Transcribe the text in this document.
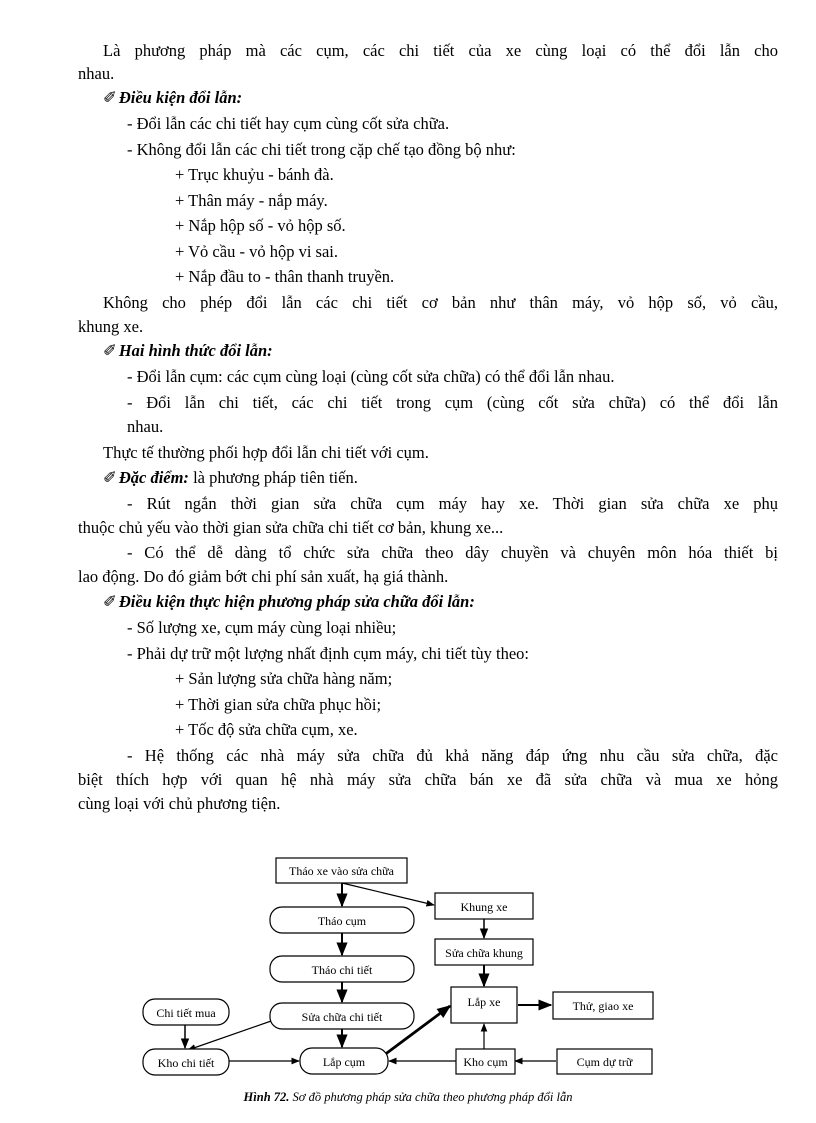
Là phương pháp mà các cụm, các chi tiết của xe cùng loại có thể đổi lẫn cho
nhau.
✐ Điều kiện đổi lẫn:
- Đổi lẫn các chi tiết hay cụm cùng cốt sửa chữa.
- Không đổi lẫn các chi tiết trong cặp chế tạo đồng bộ như:
+ Trục khuỷu - bánh đà.
+ Thân máy - nắp máy.
+ Nắp hộp số - vỏ hộp số.
+ Vỏ cầu - vỏ hộp vi sai.
+ Nắp đầu to - thân thanh truyền.
Không cho phép đổi lẫn các chi tiết cơ bản như thân máy, vỏ hộp số, vỏ cầu,
khung xe.
✐ Hai hình thức đổi lẫn:
- Đổi lẫn cụm: các cụm cùng loại (cùng cốt sửa chữa) có thể đổi lẫn nhau.
- Đổi lẫn chi tiết, các chi tiết trong cụm (cùng cốt sửa chữa) có thể đổi lẫn
nhau.
Thực tế thường phối hợp đổi lẫn chi tiết với cụm.
✐ Đặc điểm: là phương pháp tiên tiến.
- Rút ngắn thời gian sửa chữa cụm máy hay xe. Thời gian sửa chữa xe phụ
thuộc chủ yếu vào thời gian sửa chữa chi tiết cơ bản, khung xe...
- Có thể dễ dàng tổ chức sửa chữa theo dây chuyền và chuyên môn hóa thiết bị
lao động. Do đó giảm bớt chi phí sản xuất, hạ giá thành.
✐ Điều kiện thực hiện phương pháp sửa chữa đổi lẫn:
- Số lượng xe, cụm máy cùng loại nhiều;
- Phải dự trữ một lượng nhất định cụm máy, chi tiết tùy theo:
+ Sản lượng sửa chữa hàng năm;
+ Thời gian sửa chữa phục hồi;
+ Tốc độ sửa chữa cụm, xe.
- Hệ thống các nhà máy sửa chữa đủ khả năng đáp ứng nhu cầu sửa chữa, đặc
biệt thích hợp với quan hệ nhà máy sửa chữa bán xe đã sửa chữa và mua xe hỏng
cùng loại với chủ phương tiện.
Tháo xe vào sửa chữa
Tháo cụm
Tháo chi tiết
Sửa chữa chi tiết
Chi tiết mua
Kho chi tiết	Lắp cụm
Khung xe
Sửa chữa khung
Lắp xe	Thử, giao xe
Kho cụm	Cụm dự trữ
Hình 72. Sơ đồ phương pháp sửa chữa theo phương pháp đổi lẫn
